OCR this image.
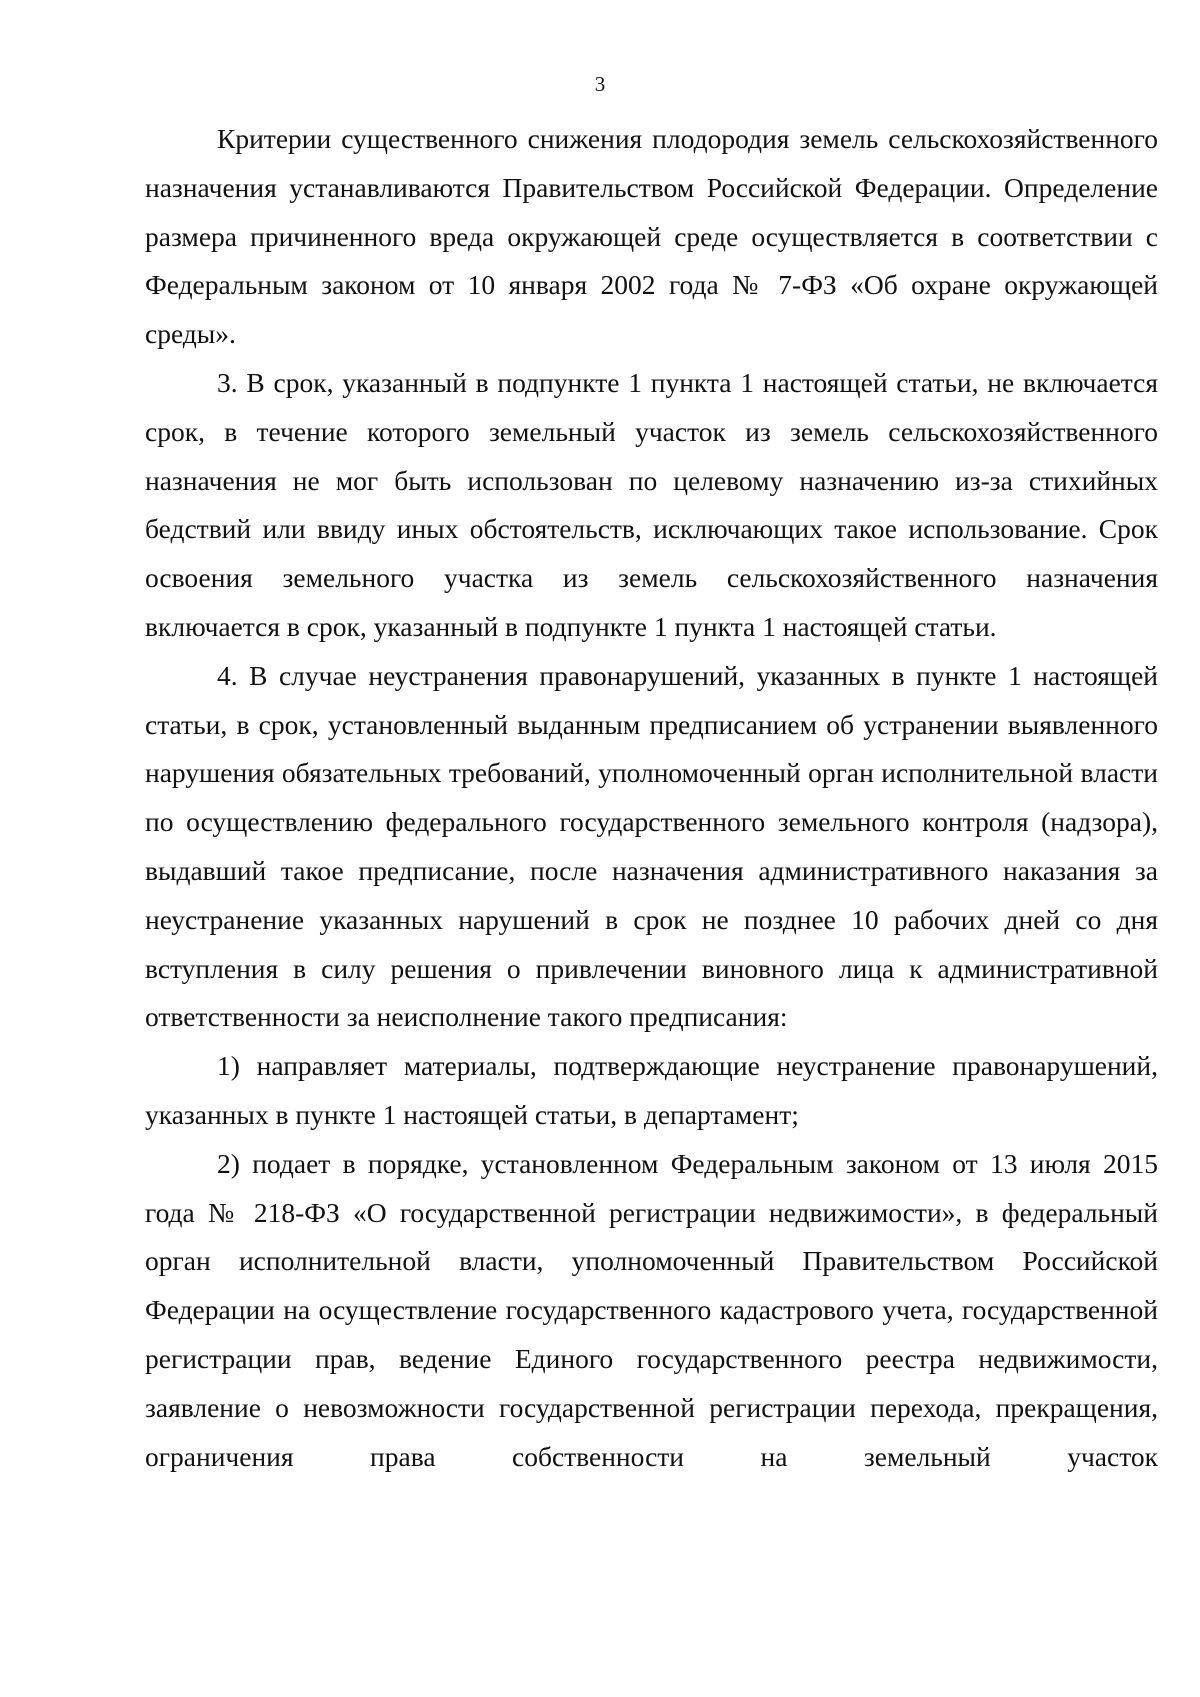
3

Критерии существенного снижения плодородия земель сельскохозяйственного назначения устанавливаются Правительством Российской Федерации. Определение размера причиненного вреда окружающей среде осуществляется в соответствии с Федеральным законом от 10 января 2002 года № 7-ФЗ «Об охране окружающей среды».

3. В срок, указанный в подпункте 1 пункта 1 настоящей статьи, не включается срок, в течение которого земельный участок из земель сельскохозяйственного назначения не мог быть использован по целевому назначению из-за стихийных бедствий или ввиду иных обстоятельств, исключающих такое использование. Срок освоения земельного участка из земель сельскохозяйственного назначения включается в срок, указанный в подпункте 1 пункта 1 настоящей статьи.

4. В случае неустранения правонарушений, указанных в пункте 1 настоящей статьи, в срок, установленный выданным предписанием об устранении выявленного нарушения обязательных требований, уполномоченный орган исполнительной власти по осуществлению федерального государственного земельного контроля (надзора), выдавший такое предписание, после назначения административного наказания за неустранение указанных нарушений в срок не позднее 10 рабочих дней со дня вступления в силу решения о привлечении виновного лица к административной ответственности за неисполнение такого предписания:

1) направляет материалы, подтверждающие неустранение правонарушений, указанных в пункте 1 настоящей статьи, в департамент;

2) подает в порядке, установленном Федеральным законом от 13 июля 2015 года № 218-ФЗ «О государственной регистрации недвижимости», в федеральный орган исполнительной власти, уполномоченный Правительством Российской Федерации на осуществление государственного кадастрового учета, государственной регистрации прав, ведение Единого государственного реестра недвижимости, заявление о невозможности государственной регистрации перехода, прекращения, ограничения права собственности на земельный участок
